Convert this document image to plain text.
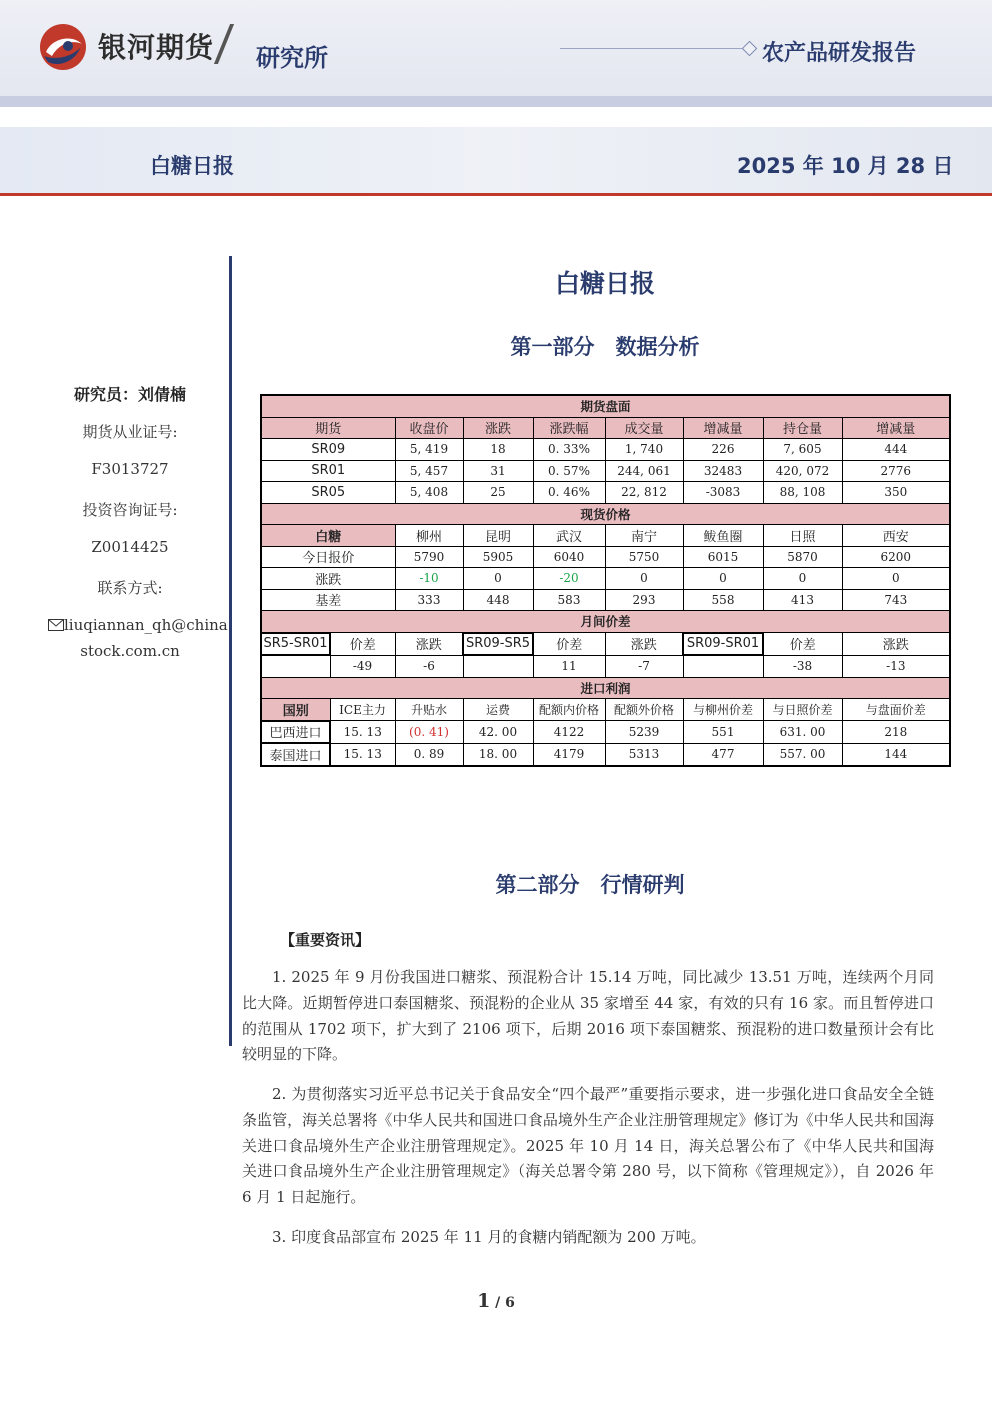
银河期货 研究所	农产品研发报告
白糖日报	2025 年 10 月 28 日
研究员：刘倩楠
期货从业证号:
F3013727
投资咨询证号:
Z0014425
联系方式:
liuqiannan_qh@china
stock.com.cn
白糖日报
第一部分　数据分析
期货盘面								
期货		收盘价	涨跌	涨跌幅	成交量	增减量	持仓量	增减量
SR09		5, 419	18	0. 33%	1, 740	226	7, 605	444
SR01		5, 457	31	0. 57%	244, 061	32483	420, 072	2776
SR05		5, 408	25	0. 46%	22, 812	-3083	88, 108	350
现货价格								
白糖		柳州	昆明	武汉	南宁	鲅鱼圈	日照	西安
今日报价		5790	5905	6040	5750	6015	5870	6200
涨跌		-10	0	-20	0	0	0	0
基差		333	448	583	293	558	413	743
月间价差								
SR5-SR01	价差	涨跌	SR09-SR5	价差	涨跌	SR09-SR01	价差	涨跌
	-49	-6		11	-7		-38	-13
进口利润								
国别	ICE主力	升贴水	运费	配额内价格	配额外价格	与柳州价差	与日照价差	与盘面价差
巴西进口	15. 13	(0. 41)	42. 00	4122	5239	551	631. 00	218
泰国进口	15. 13	0. 89	18. 00	4179	5313	477	557. 00	144
第二部分　行情研判
【重要资讯】
1. 2025 年 9 月份我国进口糖浆、预混粉合计 15.14 万吨，同比减少 13.51 万吨，连续两个月同比大降。近期暂停进口泰国糖浆、预混粉的企业从 35 家增至 44 家，有效的只有 16 家。而且暂停进口的范围从 1702 项下，扩大到了 2106 项下，后期 2016 项下泰国糖浆、预混粉的进口数量预计会有比较明显的下降。
2. 为贯彻落实习近平总书记关于食品安全“四个最严”重要指示要求，进一步强化进口食品安全全链条监管，海关总署将《中华人民共和国进口食品境外生产企业注册管理规定》修订为《中华人民共和国海关进口食品境外生产企业注册管理规定》。2025 年 10 月 14 日，海关总署公布了《中华人民共和国海关进口食品境外生产企业注册管理规定》（海关总署令第 280 号，以下简称《管理规定》），自 2026 年 6 月 1 日起施行。
3. 印度食品部宣布 2025 年 11 月的食糖内销配额为 200 万吨。
1 / 6
